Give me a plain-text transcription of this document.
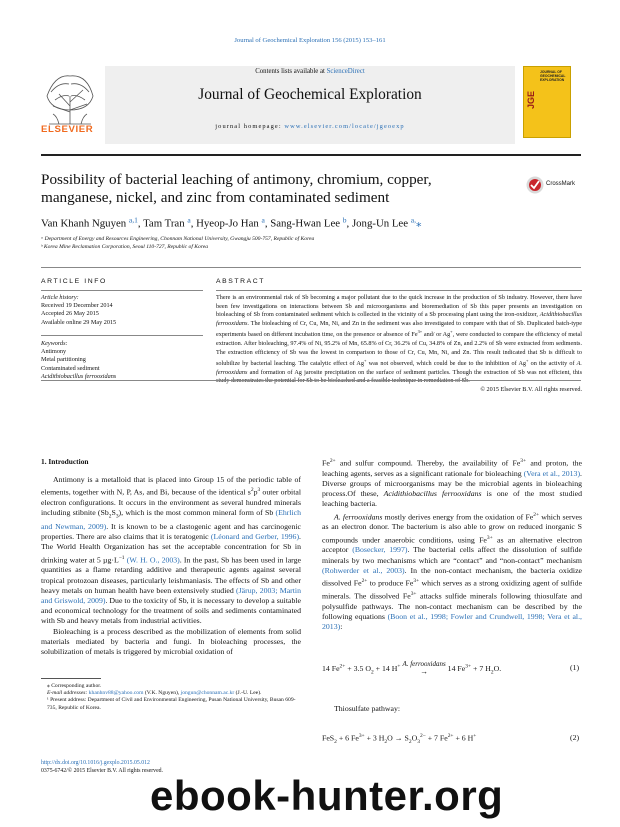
Journal of Geochemical Exploration 156 (2015) 153–161
Contents lists available at ScienceDirect
Journal of Geochemical Exploration
journal homepage: www.elsevier.com/locate/jgeoexp
ELSEVIER
JOURNAL OF GEOCHEMICAL EXPLORATION
JGE
Possibility of bacterial leaching of antimony, chromium, copper, manganese, nickel, and zinc from contaminated sediment
CrossMark
Van Khanh Nguyen $^{a,1}$, Tam Tran $^a$, Hyeop-Jo Han $^a$, Sang-Hwan Lee $^b$, Jong-Un Lee $^{a,}$⁎
ᵃ Department of Energy and Resources Engineering, Chonnam National University, Gwangju 500-757, Republic of Korea
ᵇ Korea Mine Reclamation Corporation, Seoul 110-727, Republic of Korea
ARTICLE INFO
Article history:
Received 19 December 2014
Accepted 26 May 2015
Available online 29 May 2015
Keywords:
Antimony
Metal partitioning
Contaminated sediment
Acidithiobacillus ferrooxidans
ABSTRACT
There is an environmental risk of Sb becoming a major pollutant due to the quick increase in the production of Sb industry. However, there have been few investigations on interactions between Sb and microorganisms and bioremediation of Sb this paper presents an investigation on bioleaching of Sb from contaminated sediment which is collected in the vicinity of a Sb processing plant using the iron-oxidizer, Acidithiobacillus ferrooxidans. The bioleaching of Cr, Cu, Mn, Ni, and Zn in the sediment was also investigated to compare with that of Sb. Duplicated batch-type experiments based on different incubation time, on the presence or absence of $Fe^{3+}$ and/ or Ag+, were conducted to compare the efficiency of metal extraction. After bioleaching, 97.4% of Ni, 95.2% of Mn, 65.8% of Cr, 36.2% of Cu, 34.8% of Zn, and 2.2% of Sb were extracted from sediments. The extraction efficiency of Sb was the lowest in comparison to those of Cr, Cu, Mn, Ni, and Zn. This result indicated that Sb is difficult to solubilize by bacterial leaching. The catalytic effect of Ag+ was not observed, which could be due to the inhibition of Ag+ on the activity of A. ferrooxidans and formation of Ag jarosite precipitation on the surface of sediment particles. Though the extraction of Sb was not efficient, this
© 2015 Elsevier B.V. All rights reserved.
1. Introduction

Antimony is a metalloid that is placed into Group 15 of the periodic table of elements, together with N, P, As, and Bi, because of the identical $s^2p^3$ outer orbital electron configurations. It occurs in the environment as several hundred minerals including stibnite $(Sb_2S_3)$, which is the most common mineral form of Sb (Ehrlich and Newman, 2009). It is known to be a clastogenic agent and has carcinogenic properties. There are also claims that it is teratogenic (Léonard and Gerber, 1996). The World Health Organization has set the acceptable concentration for Sb in drinking water at 5 $\mu g\cdot L^{-1}$ (W. H. O., 2003). In the past, Sb has been used in large quantities as a flame retarding additive and therapeutic agents against several tropical protozoan diseases, particularly leishmaniasis. The effects of Sb and other heavy metals on human health have been extensively studied (Järup, 2003; Martin and Griswold, 2009). Due to the toxicity of Sb, it is necessary to develop a suitable and economical technology for the treatment of soils and sediments contaminated with Sb and heavy metals from industrial activities.

Bioleaching is a process described as the mobilization of elements from solid materials mediated by bacteria and fungi. In bioleaching processes, the solubilization of metals is triggered by microbial oxidation of

⁎ Corresponding author.
E-mail addresses: khanhnv88@yahoo.com (V.K. Nguyen), jongun@chonnam.ac.kr (J.-U. Lee).
¹ Present address: Department of Civil and Environmental Engineering, Pusan National University, Busan 609-735, Republic of Korea.
http://dx.doi.org/10.1016/j.gexplo.2015.05.012
0375-6742/© 2015 Elsevier B.V. All rights reserved.

$Fe^{2+}$ and sulfur compound. Thereby, the availability of $Fe^{3+}$ and proton, the leaching agents, serves as a significant rationale for bioleaching (Vera et al., 2013). Diverse groups of microorganisms may be the microbial agents in bioleaching process.Of these, Acidithiobacillus ferrooxidans is one of the most studied leaching bacteria.

A. ferrooxidans mostly derives energy from the oxidation of $Fe^{2+}$ which serves as an electron donor. The bacterium is also able to grow on reduced inorganic S compounds under anaerobic conditions, using $Fe^{3+}$ as an alternative electron acceptor (Bosecker, 1997). The bacterial cells affect the dissolution of sulfide minerals by two mechanisms which are “contact” and “non-contact” mechanism (Rohwerder et al., 2003). In the non-contact mechanism, the bacteria oxidize dissolved $Fe^{2+}$ to produce $Fe^{3+}$ which serves as a strong oxidizing agent of sulfide minerals. The dissolved $Fe^{3+}$ attacks sulfide minerals following thiosulfate and polysulfide pathways. The non-contact mechanism can be described by the following equations (Boon et al., 1998; Fowler and Crundwell, 1998; Vera et al., 2013):

14 $Fe^{2+} + 3.5$ $O_2 + 14$ H+ A. ferrooxidans
→	14 $Fe^{3+} + 7$ $H_2O$.	(1)
Thiosulfate pathway:
FeS$_2$ + 6 $Fe^{3+} + 3$ $H_2O \to S_2O_3^{2-} + 7$ $Fe^{2+} + 6$ H+	(2)
ebook-hunter.org
